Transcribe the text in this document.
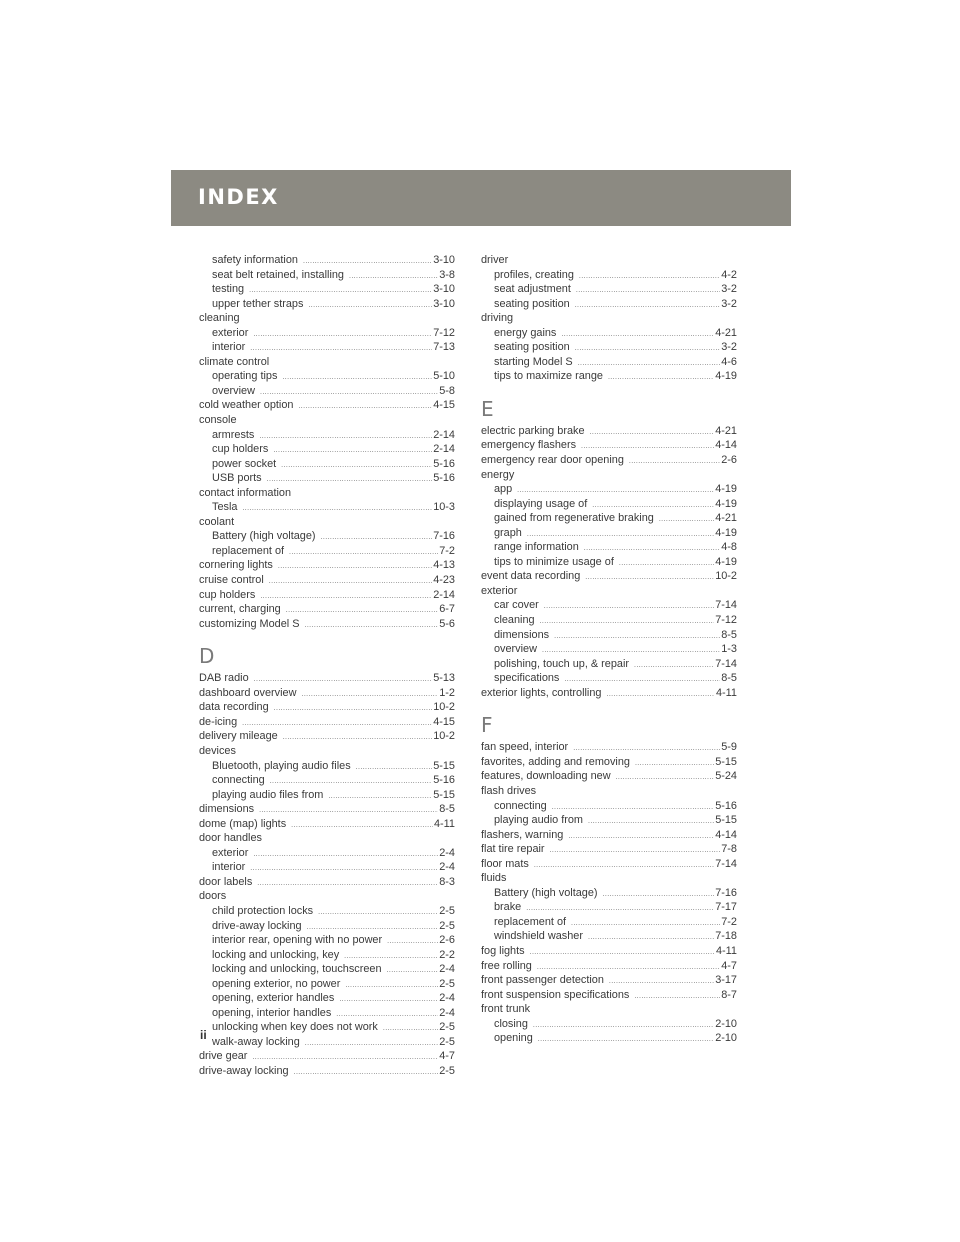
INDEX
safety information .....	3-10
seat belt retained, installing .....	3-8
testing .....	3-10
upper tether straps .....	3-10
cleaning
exterior .....	7-12
interior .....	7-13
climate control
operating tips .....	5-10
overview .....	5-8
cold weather option .....	4-15
console
armrests .....	2-14
cup holders .....	2-14
power socket .....	5-16
USB ports .....	5-16
contact information
Tesla .....	10-3
coolant
Battery (high voltage) .....	7-16
replacement of .....	7-2
cornering lights .....	4-13
cruise control .....	4-23
cup holders .....	2-14
current, charging .....	6-7
customizing Model S .....	5-6
D
DAB radio .....	5-13
dashboard overview .....	1-2
data recording .....	10-2
de-icing .....	4-15
delivery mileage .....	10-2
devices
Bluetooth, playing audio files .....	5-15
connecting .....	5-16
playing audio files from .....	5-15
dimensions .....	8-5
dome (map) lights .....	4-11
door handles
exterior .....	2-4
interior .....	2-4
door labels .....	8-3
doors
child protection locks .....	2-5
drive-away locking .....	2-5
interior rear, opening with no power .....	2-6
locking and unlocking, key .....	2-2
locking and unlocking, touchscreen .....	2-4
opening exterior, no power .....	2-5
opening, exterior handles .....	2-4
opening, interior handles .....	2-4
unlocking when key does not work .....	2-5
walk-away locking .....	2-5
drive gear .....	4-7
drive-away locking .....	2-5
driver
profiles, creating .....	4-2
seat adjustment .....	3-2
seating position .....	3-2
driving
energy gains .....	4-21
seating position .....	3-2
starting Model S .....	4-6
tips to maximize range .....	4-19
E
electric parking brake .....	4-21
emergency flashers .....	4-14
emergency rear door opening .....	2-6
energy
app .....	4-19
displaying usage of .....	4-19
gained from regenerative braking .....	4-21
graph .....	4-19
range information .....	4-8
tips to minimize usage of .....	4-19
event data recording .....	10-2
exterior
car cover .....	7-14
cleaning .....	7-12
dimensions .....	8-5
overview .....	1-3
polishing, touch up, & repair .....	7-14
specifications .....	8-5
exterior lights, controlling .....	4-11
F
fan speed, interior .....	5-9
favorites, adding and removing .....	5-15
features, downloading new .....	5-24
flash drives
connecting .....	5-16
playing audio from .....	5-15
flashers, warning .....	4-14
flat tire repair .....	7-8
floor mats .....	7-14
fluids
Battery (high voltage) .....	7-16
brake .....	7-17
replacement of .....	7-2
windshield washer .....	7-18
fog lights .....	4-11
free rolling .....	4-7
front passenger detection .....	3-17
front suspension specifications .....	8-7
front trunk
closing .....	2-10
opening .....	2-10
ii
